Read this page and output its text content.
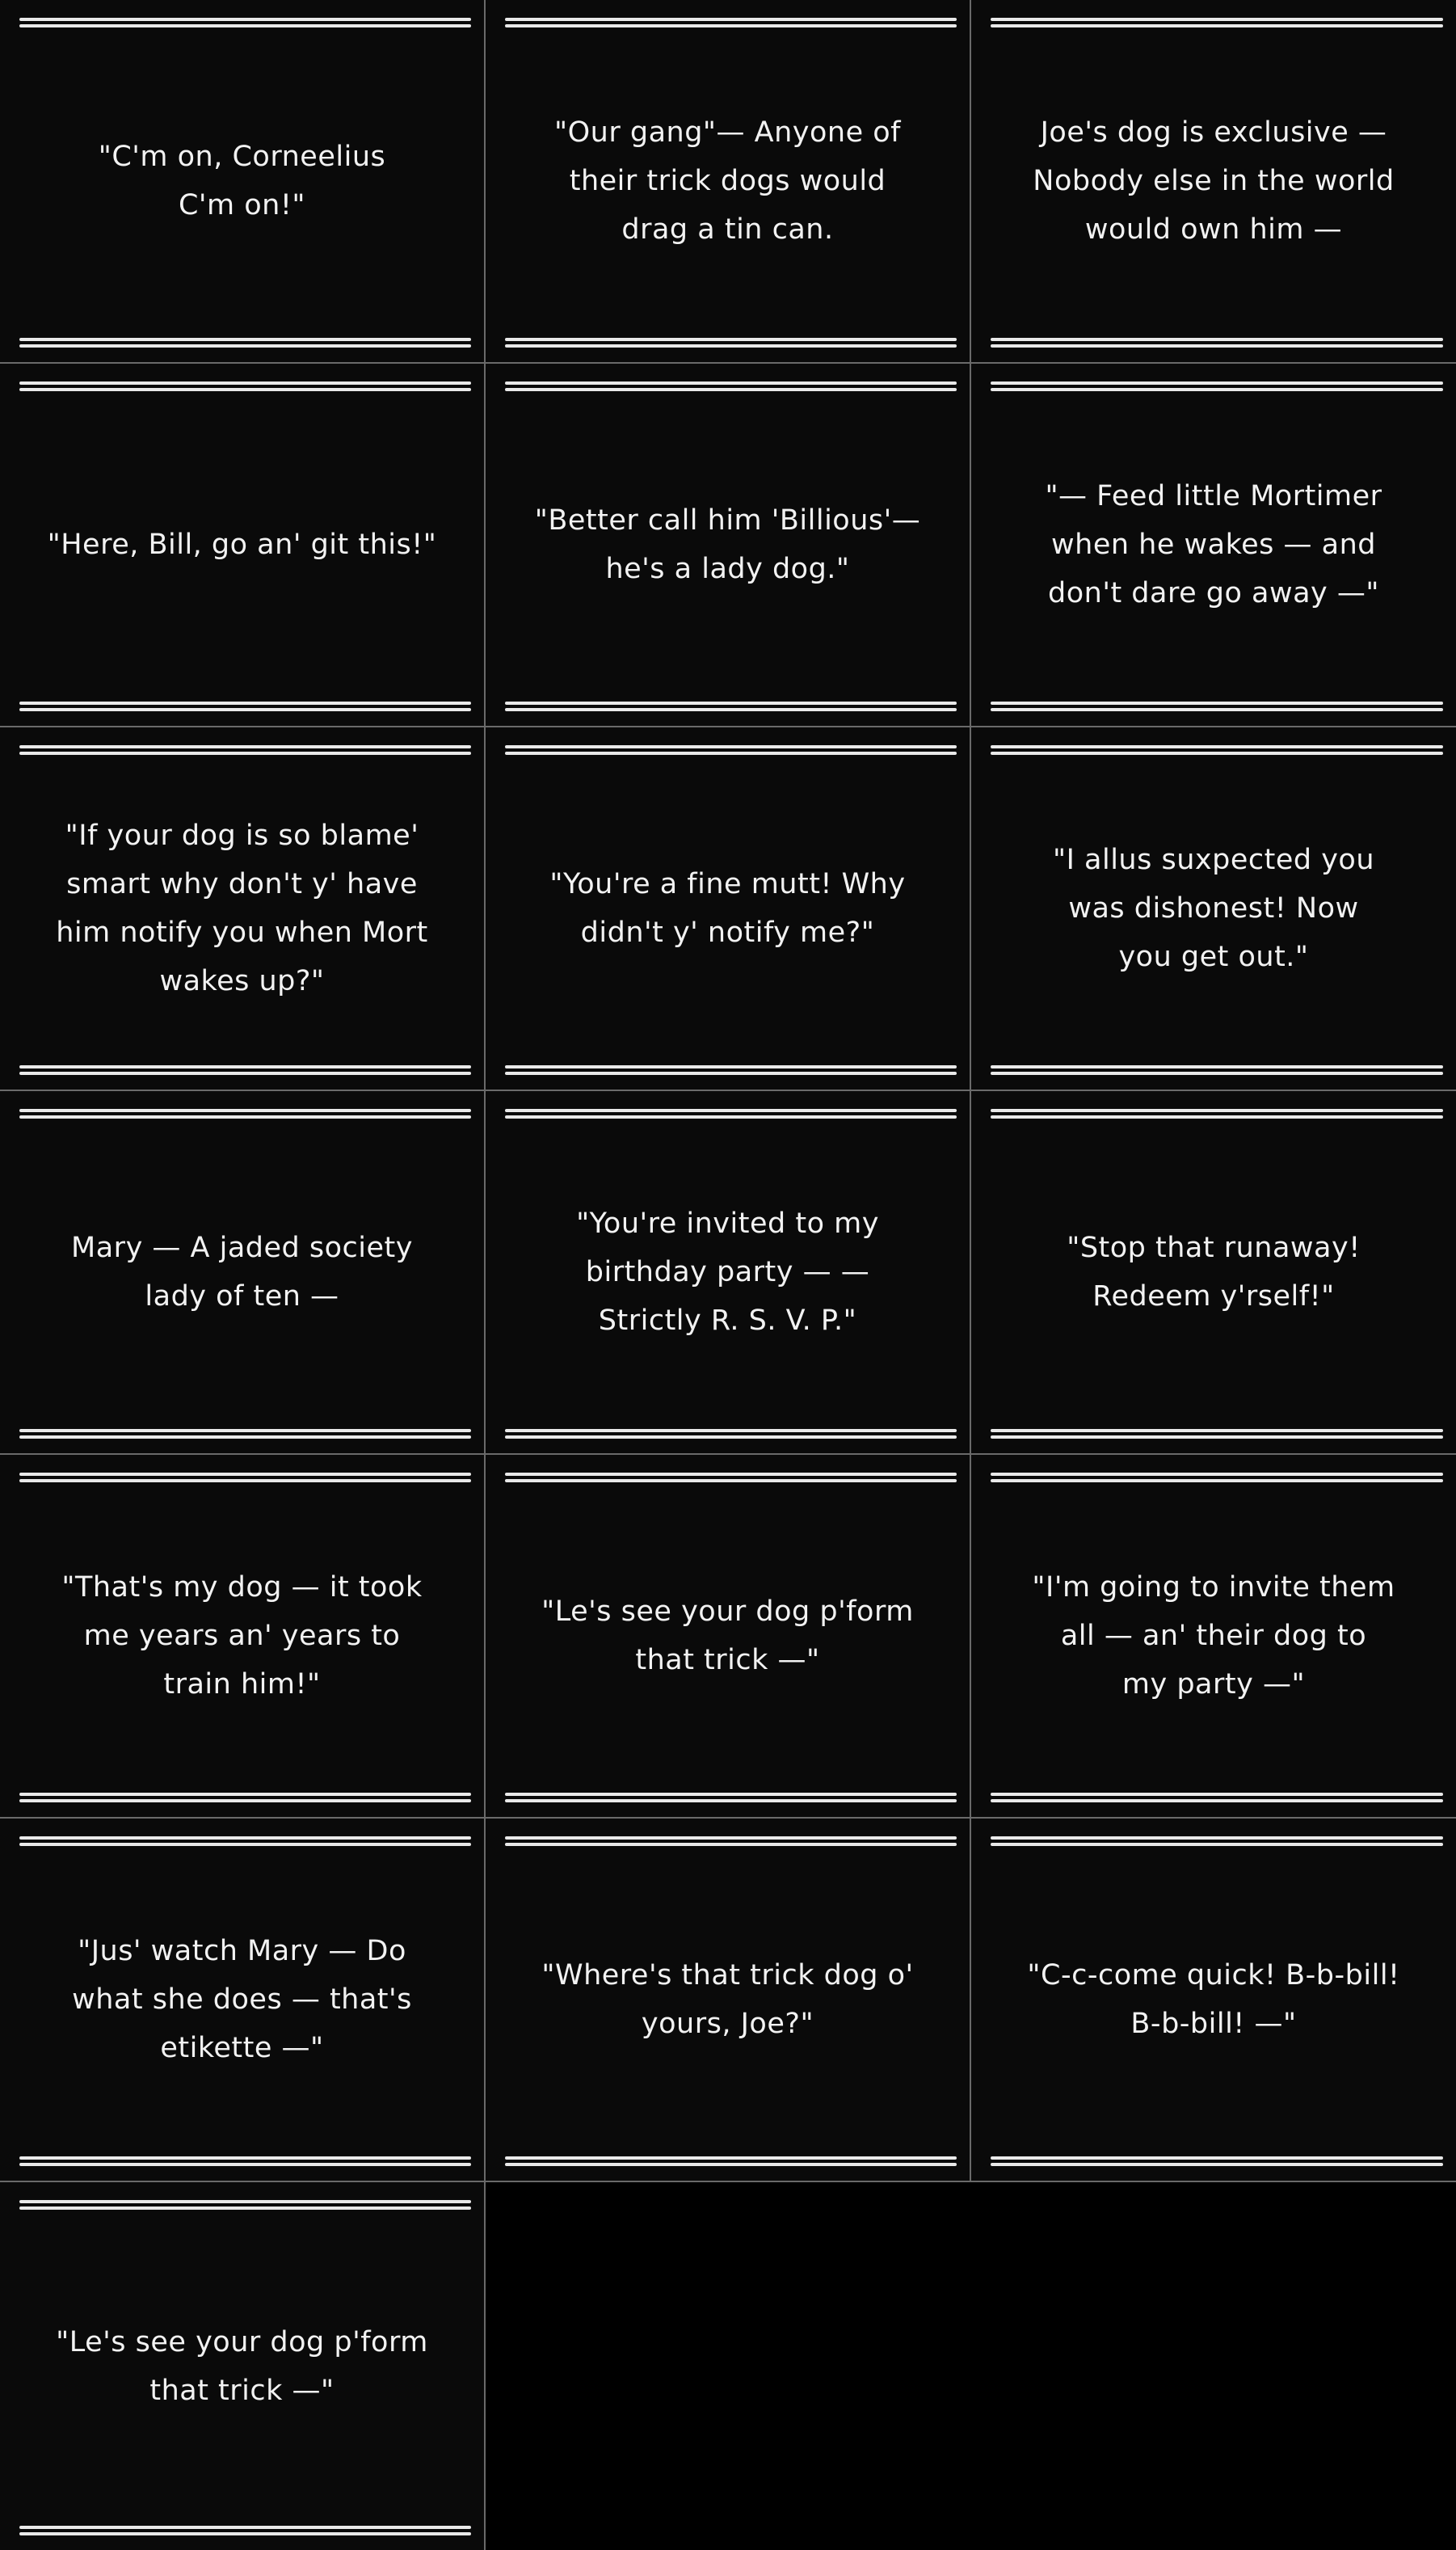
"C'm on, Corneelius
C'm on!"
"Our gang"— Anyone of
their trick dogs would
drag a tin can.
Joe's dog is exclusive —
Nobody else in the world
would own him —
"Here, Bill, go an' git this!"
"Better call him 'Billious'—
he's a lady dog."
"— Feed little Mortimer
when he wakes — and
don't dare go away —"
"If your dog is so blame'
smart why don't y' have
him notify you when Mort
wakes up?"
"You're a fine mutt! Why
didn't y' notify me?"
"I allus suxpected you
was dishonest! Now
you get out."
Mary — A jaded society
lady of ten —
"You're invited to my
birthday party — —
Strictly R. S. V. P."
"Stop that runaway!
Redeem y'rself!"
"That's my dog — it took
me years an' years to
train him!"
"Le's see your dog p'form
that trick —"
"I'm going to invite them
all — an' their dog to
my party —"
"Jus' watch Mary — Do
what she does — that's
etikette —"
"Where's that trick dog o'
yours, Joe?"
"C-c-come quick! B-b-bill!
B-b-bill! —"
"Le's see your dog p'form
that trick —"
